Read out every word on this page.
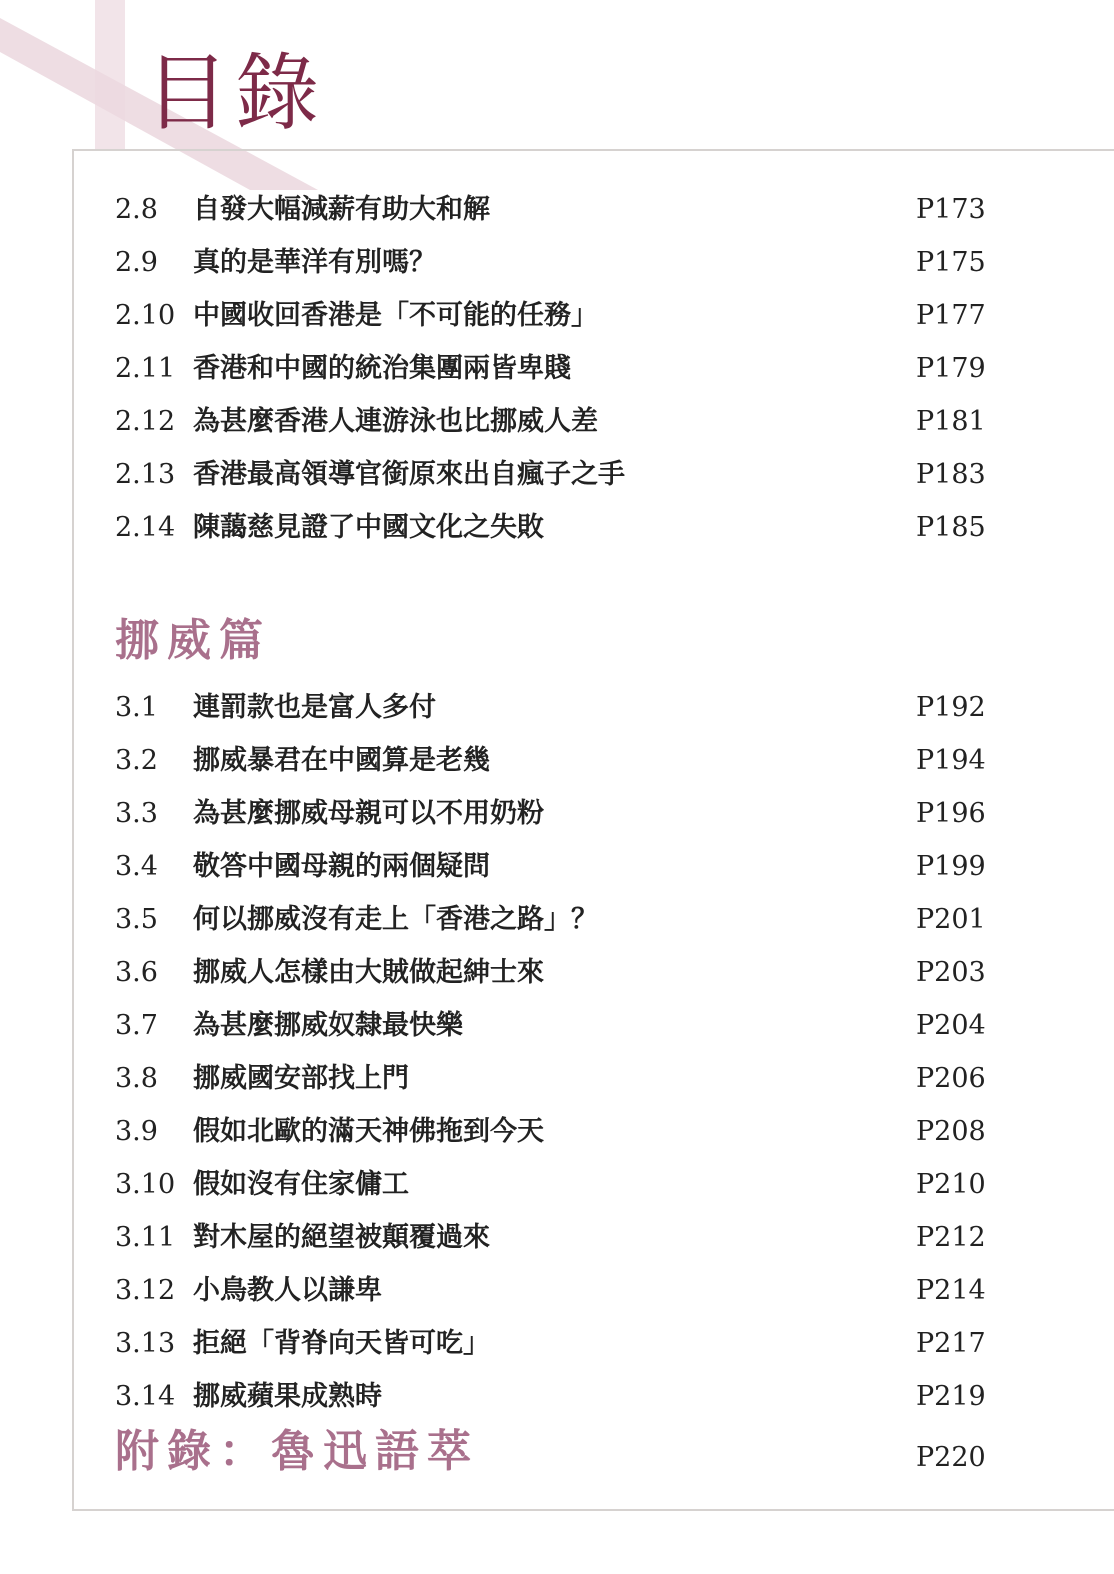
目錄
2.8	自發大幅減薪有助大和解	P173
2.9	真的是華洋有別嗎？	P175
2.10 中國收回香港是「不可能的任務」	P177
2.11 香港和中國的統治集團兩皆卑賤	P179
2.12 為甚麼香港人連游泳也比挪威人差	P181
2.13 香港最高領導官銜原來出自瘋子之手	P183
2.14 陳藹慈見證了中國文化之失敗	P185
挪威篇
3.1	連罰款也是富人多付	P192
3.2	挪威暴君在中國算是老幾	P194
3.3	為甚麼挪威母親可以不用奶粉	P196
3.4	敬答中國母親的兩個疑問	P199
3.5	何以挪威沒有走上「香港之路」？	P201
3.6	挪威人怎樣由大賊做起紳士來	P203
3.7	為甚麼挪威奴隸最快樂	P204
3.8	挪威國安部找上門	P206
3.9	假如北歐的滿天神佛拖到今天	P208
3.10 假如沒有住家傭工	P210
3.11 對木屋的絕望被顛覆過來	P212
3.12 小鳥教人以謙卑	P214
3.13 拒絕「背脊向天皆可吃」	P217
3.14 挪威蘋果成熟時	P219
附錄：魯迅語萃	P220
